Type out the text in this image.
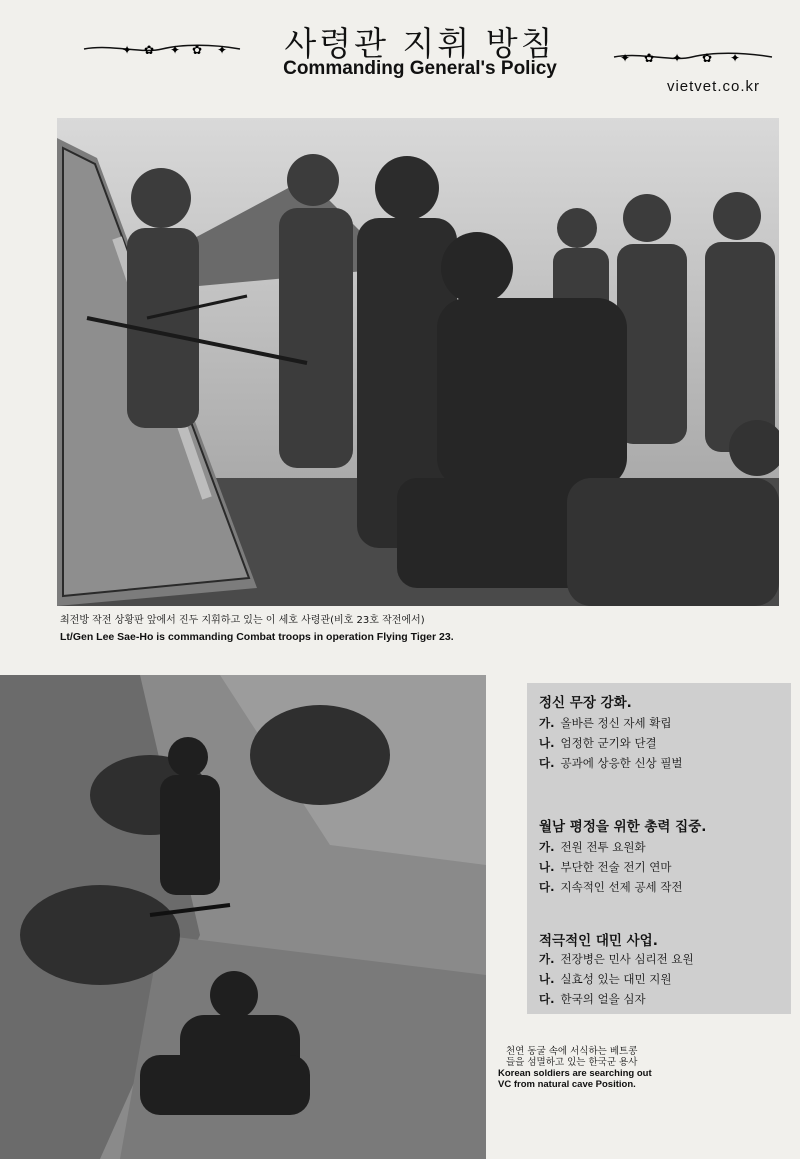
사령관 지휘 방침
Commanding General's Policy
✦ ✿ ✦ ✿ ✦
✦ ✿ ✦ ✿ ✦
vietvet.co.kr
최전방 작전 상황판 앞에서 진두 지휘하고 있는 이 세호 사령관(비호 23호 작전에서)
Lt/Gen Lee Sae-Ho is commanding Combat troops in operation Flying Tiger 23.
정신 무장 강화.
가. 올바른 정신 자세 확립
나. 엄정한 군기와 단결
다. 공과에 상응한 신상 필벌
월남 평정을 위한 총력 집중.
가. 전원 전투 요원화
나. 부단한 전술 전기 연마
다. 지속적인 선제 공세 작전
적극적인 대민 사업.
가. 전장병은 민사 심리전 요원
나. 실효성 있는 대민 지원
다. 한국의 얼을 심자
천연 동굴 속에 서식하는 베트콩
들을 섬멸하고 있는 한국군 용사
Korean soldiers are searching out
VC from natural cave Position.
